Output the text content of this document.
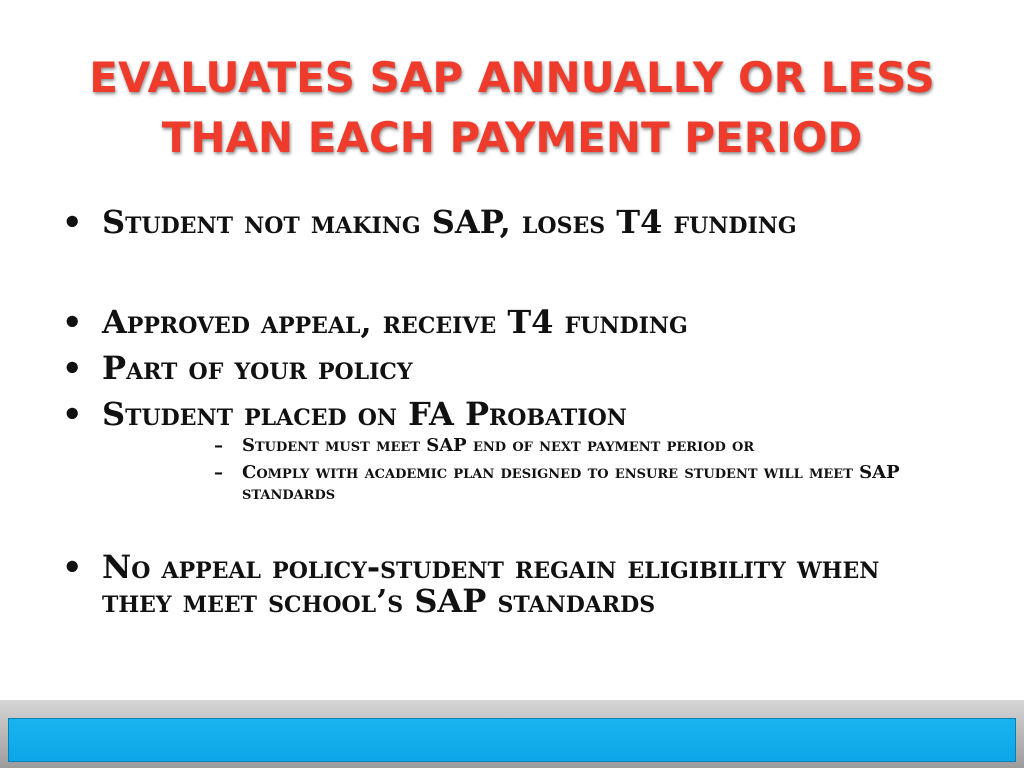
EVALUATES SAP ANNUALLY OR LESS
THAN EACH PAYMENT PERIOD
• Student not making SAP, loses T4 funding
• Approved appeal, receive T4 funding
• Part of your policy
• Student placed on FA Probation
– Student must meet SAP end of next payment period or
– Comply with academic plan designed to ensure student will meet SAP standards
• No appeal policy-student regain eligibility when they meet school’s SAP standards
